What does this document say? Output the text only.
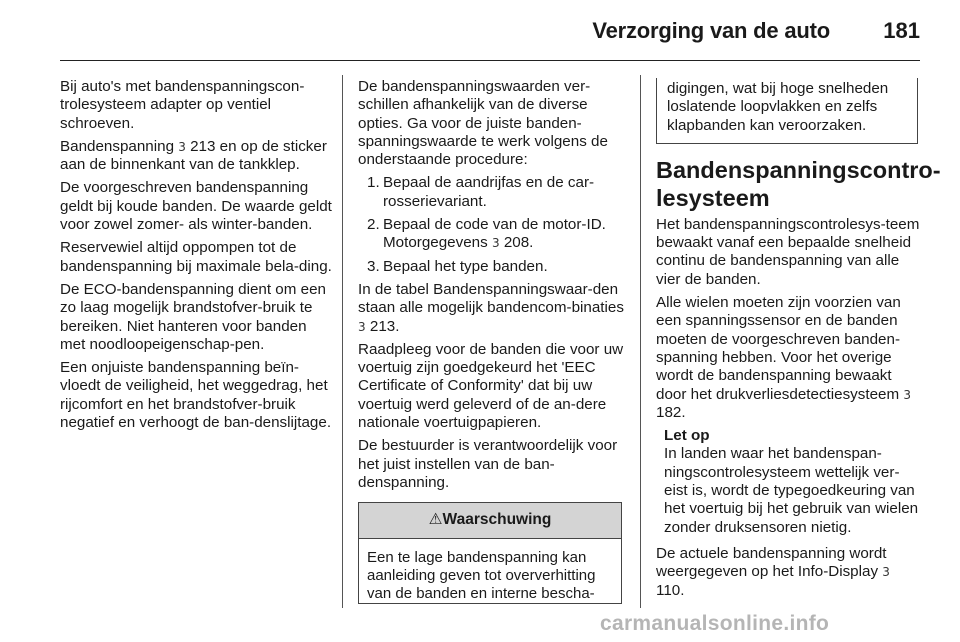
Verzorging van de auto 181

Bij auto's met bandenspanningscon-trolesysteem adapter op ventiel schroeven.

Bandenspanning 3 213 en op de sticker aan de binnenkant van de tankklep.

De voorgeschreven bandenspanning geldt bij koude banden. De waarde geldt voor zowel zomer- als winter-banden.

Reservewiel altijd oppompen tot de bandenspanning bij maximale bela-ding.

De ECO-bandenspanning dient om een zo laag mogelijk brandstofver-bruik te bereiken. Niet hanteren voor banden met noodloopeigenschap-pen.

Een onjuiste bandenspanning beïn-vloedt de veiligheid, het weggedrag, het rijcomfort en het brandstofver-bruik negatief en verhoogt de ban-denslijtage.

De bandenspanningswaarden ver-schillen afhankelijk van de diverse opties. Ga voor de juiste banden-spanningswaarde te werk volgens de onderstaande procedure:

1. Bepaal de aandrijfas en de car-rosserievariant.
2. Bepaal de code van de motor-ID. Motorgegevens 3 208.
3. Bepaal het type banden.

In de tabel Bandenspanningswaar-den staan alle mogelijk bandencom-binaties 3 213.

Raadpleeg voor de banden die voor uw voertuig zijn goedgekeurd het 'EEC Certificate of Conformity' dat bij uw voertuig werd geleverd of de an-dere nationale voertuigpapieren.

De bestuurder is verantwoordelijk voor het juist instellen van de ban-denspanning.

⚠Waarschuwing
Een te lage bandenspanning kan aanleiding geven tot oververhitting van de banden en interne bescha-
digingen, wat bij hoge snelheden loslatende loopvlakken en zelfs klapbanden kan veroorzaken.
Bandenspanningscontro-lesysteem

Het bandenspanningscontrolesys-teem bewaakt vanaf een bepaalde snelheid continu de bandenspanning van alle vier de banden.

Alle wielen moeten zijn voorzien van een spanningssensor en de banden moeten de voorgeschreven banden-spanning hebben. Voor het overige wordt de bandenspanning bewaakt door het drukverliesdetectiesysteem 3 182.

Let op
In landen waar het bandenspan-ningscontrolesysteem wettelijk ver-eist is, wordt de typegoedkeuring van het voertuig bij het gebruik van wielen zonder druksensoren nietig.

De actuele bandenspanning wordt weergegeven op het Info-Display 3 110.

carmanualsonline.info
